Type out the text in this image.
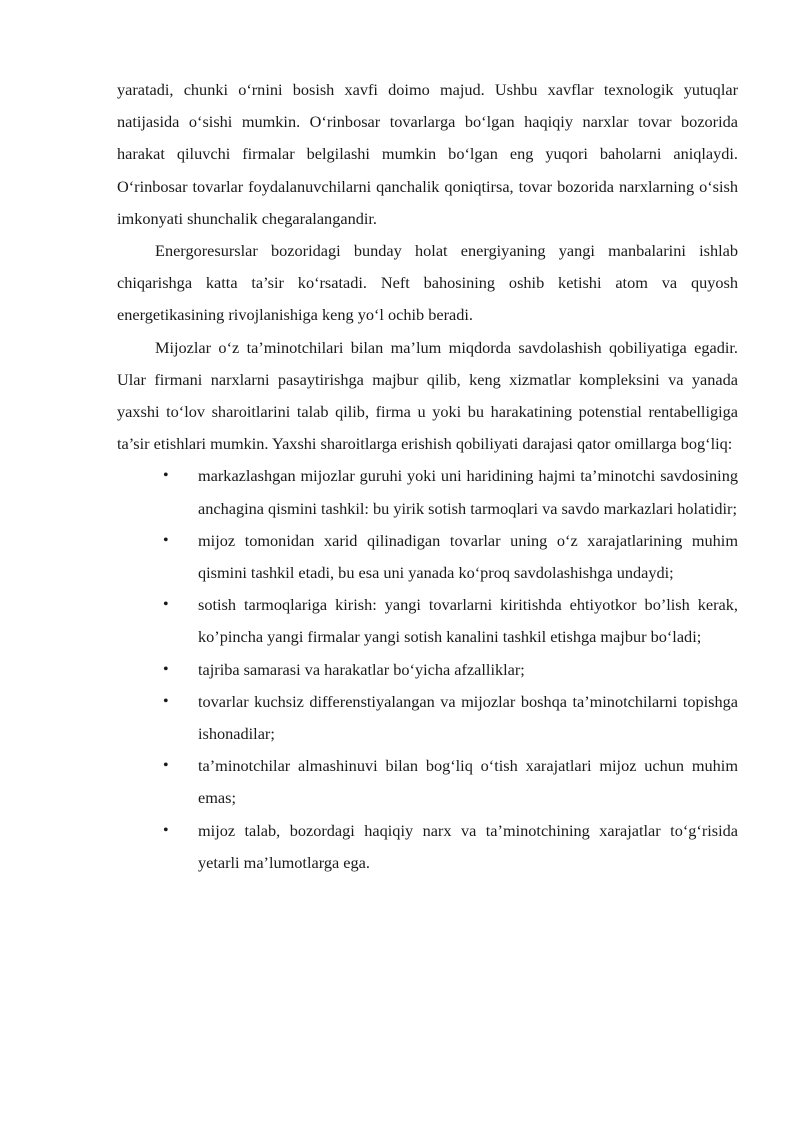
yaratadi, chunki o‘rnini bosish xavfi doimo majud. Ushbu xavflar texnologik yutuqlar natijasida o‘sishi mumkin. O‘rinbosar tovarlarga bo‘lgan haqiqiy narxlar tovar bozorida harakat qiluvchi firmalar belgilashi mumkin bo‘lgan eng yuqori baholarni aniqlaydi. O‘rinbosar tovarlar foydalanuvchilarni qanchalik qoniqtirsa, tovar bozorida narxlarning o‘sish imkonyati shunchalik chegaralangandir.

Energoresurslar bozoridagi bunday holat energiyaning yangi manbalarini ishlab chiqarishga katta ta’sir ko‘rsatadi. Neft bahosining oshib ketishi atom va quyosh energetikasining rivojlanishiga keng yo‘l ochib beradi.

Mijozlar o‘z ta’minotchilari bilan ma’lum miqdorda savdolashish qobiliyatiga egadir. Ular firmani narxlarni pasaytirishga majbur qilib, keng xizmatlar kompleksini va yanada yaxshi to‘lov sharoitlarini talab qilib, firma u yoki bu harakatining potenstial rentabelligiga ta’sir etishlari mumkin. Yaxshi sharoitlarga erishish qobiliyati darajasi qator omillarga bog‘liq:

• markazlashgan mijozlar guruhi yoki uni haridining hajmi ta’minotchi savdosining anchagina qismini tashkil: bu yirik sotish tarmoqlari va savdo markazlari holatidir;
• mijoz tomonidan xarid qilinadigan tovarlar uning o‘z xarajatlarining muhim qismini tashkil etadi, bu esa uni yanada ko‘proq savdolashishga undaydi;
• sotish tarmoqlariga kirish: yangi tovarlarni kiritishda ehtiyotkor bo’lish kerak, ko’pincha yangi firmalar yangi sotish kanalini tashkil etishga majbur bo‘ladi;
• tajriba samarasi va harakatlar bo‘yicha afzalliklar;
• tovarlar kuchsiz differenstiyalangan va mijozlar boshqa ta’minotchilarni topishga ishonadilar;
• ta’minotchilar almashinuvi bilan bog‘liq o‘tish xarajatlari mijoz uchun muhim emas;
• mijoz talab, bozordagi haqiqiy narx va ta’minotchining xarajatlar to‘g‘risida yetarli ma’lumotlarga ega.
